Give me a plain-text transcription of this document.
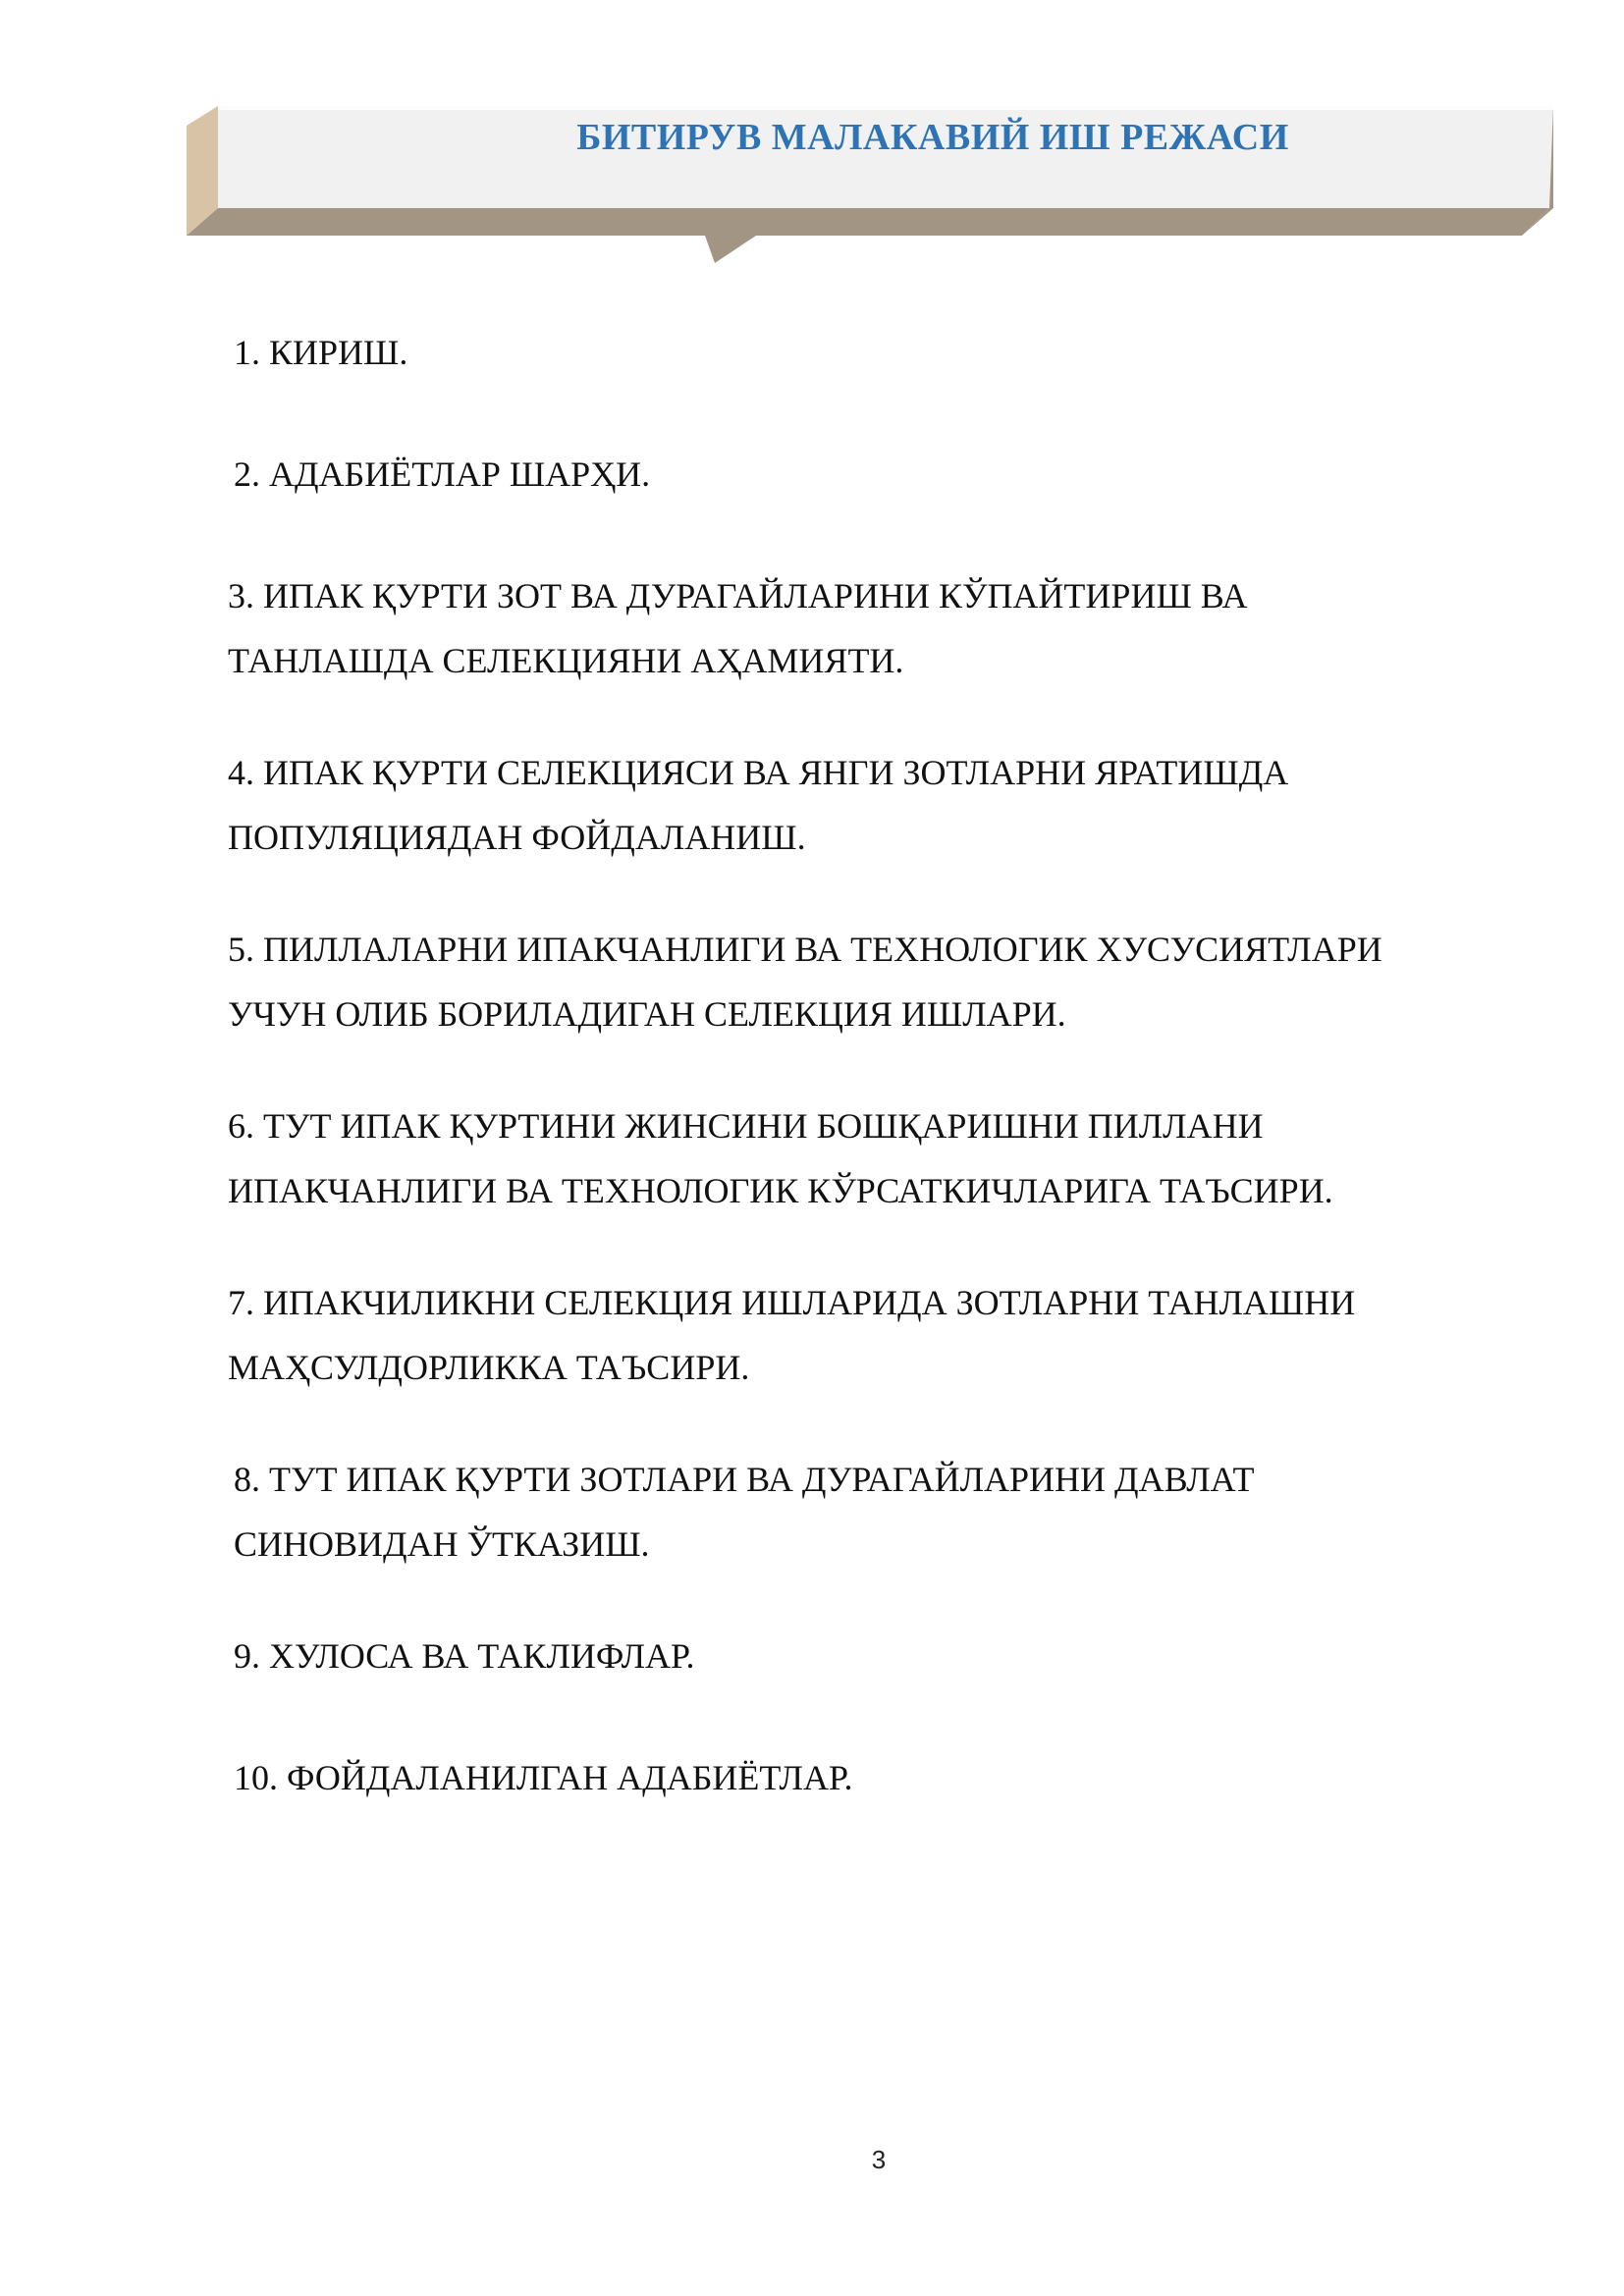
БИТИРУВ МАЛАКАВИЙ ИШ РЕЖАСИ
1. КИРИШ.
2. АДАБИЁТЛАР ШАРҲИ.
3. ИПАК ҚУРТИ ЗОТ ВА ДУРАГАЙЛАРИНИ КЎПАЙТИРИШ ВА
ТАНЛАШДА СЕЛЕКЦИЯНИ АҲАМИЯТИ.
4. ИПАК ҚУРТИ СЕЛЕКЦИЯСИ ВА ЯНГИ ЗОТЛАРНИ ЯРАТИШДА
ПОПУЛЯЦИЯДАН ФОЙДАЛАНИШ.
5. ПИЛЛАЛАРНИ ИПАКЧАНЛИГИ ВА ТЕХНОЛОГИК ХУСУСИЯТЛАРИ
УЧУН ОЛИБ БОРИЛАДИГАН СЕЛЕКЦИЯ ИШЛАРИ.
6. ТУТ ИПАК ҚУРТИНИ ЖИНСИНИ БОШҚАРИШНИ ПИЛЛАНИ
ИПАКЧАНЛИГИ ВА ТЕХНОЛОГИК КЎРСАТКИЧЛАРИГА ТАЪСИРИ.
7. ИПАКЧИЛИКНИ СЕЛЕКЦИЯ ИШЛАРИДА ЗОТЛАРНИ ТАНЛАШНИ
МАҲСУЛДОРЛИККА ТАЪСИРИ.
8. ТУТ ИПАК ҚУРТИ ЗОТЛАРИ ВА ДУРАГАЙЛАРИНИ ДАВЛАТ
СИНОВИДАН ЎТКАЗИШ.
9. ХУЛОСА ВА ТАКЛИФЛАР.
10. ФОЙДАЛАНИЛГАН АДАБИЁТЛАР.
3
